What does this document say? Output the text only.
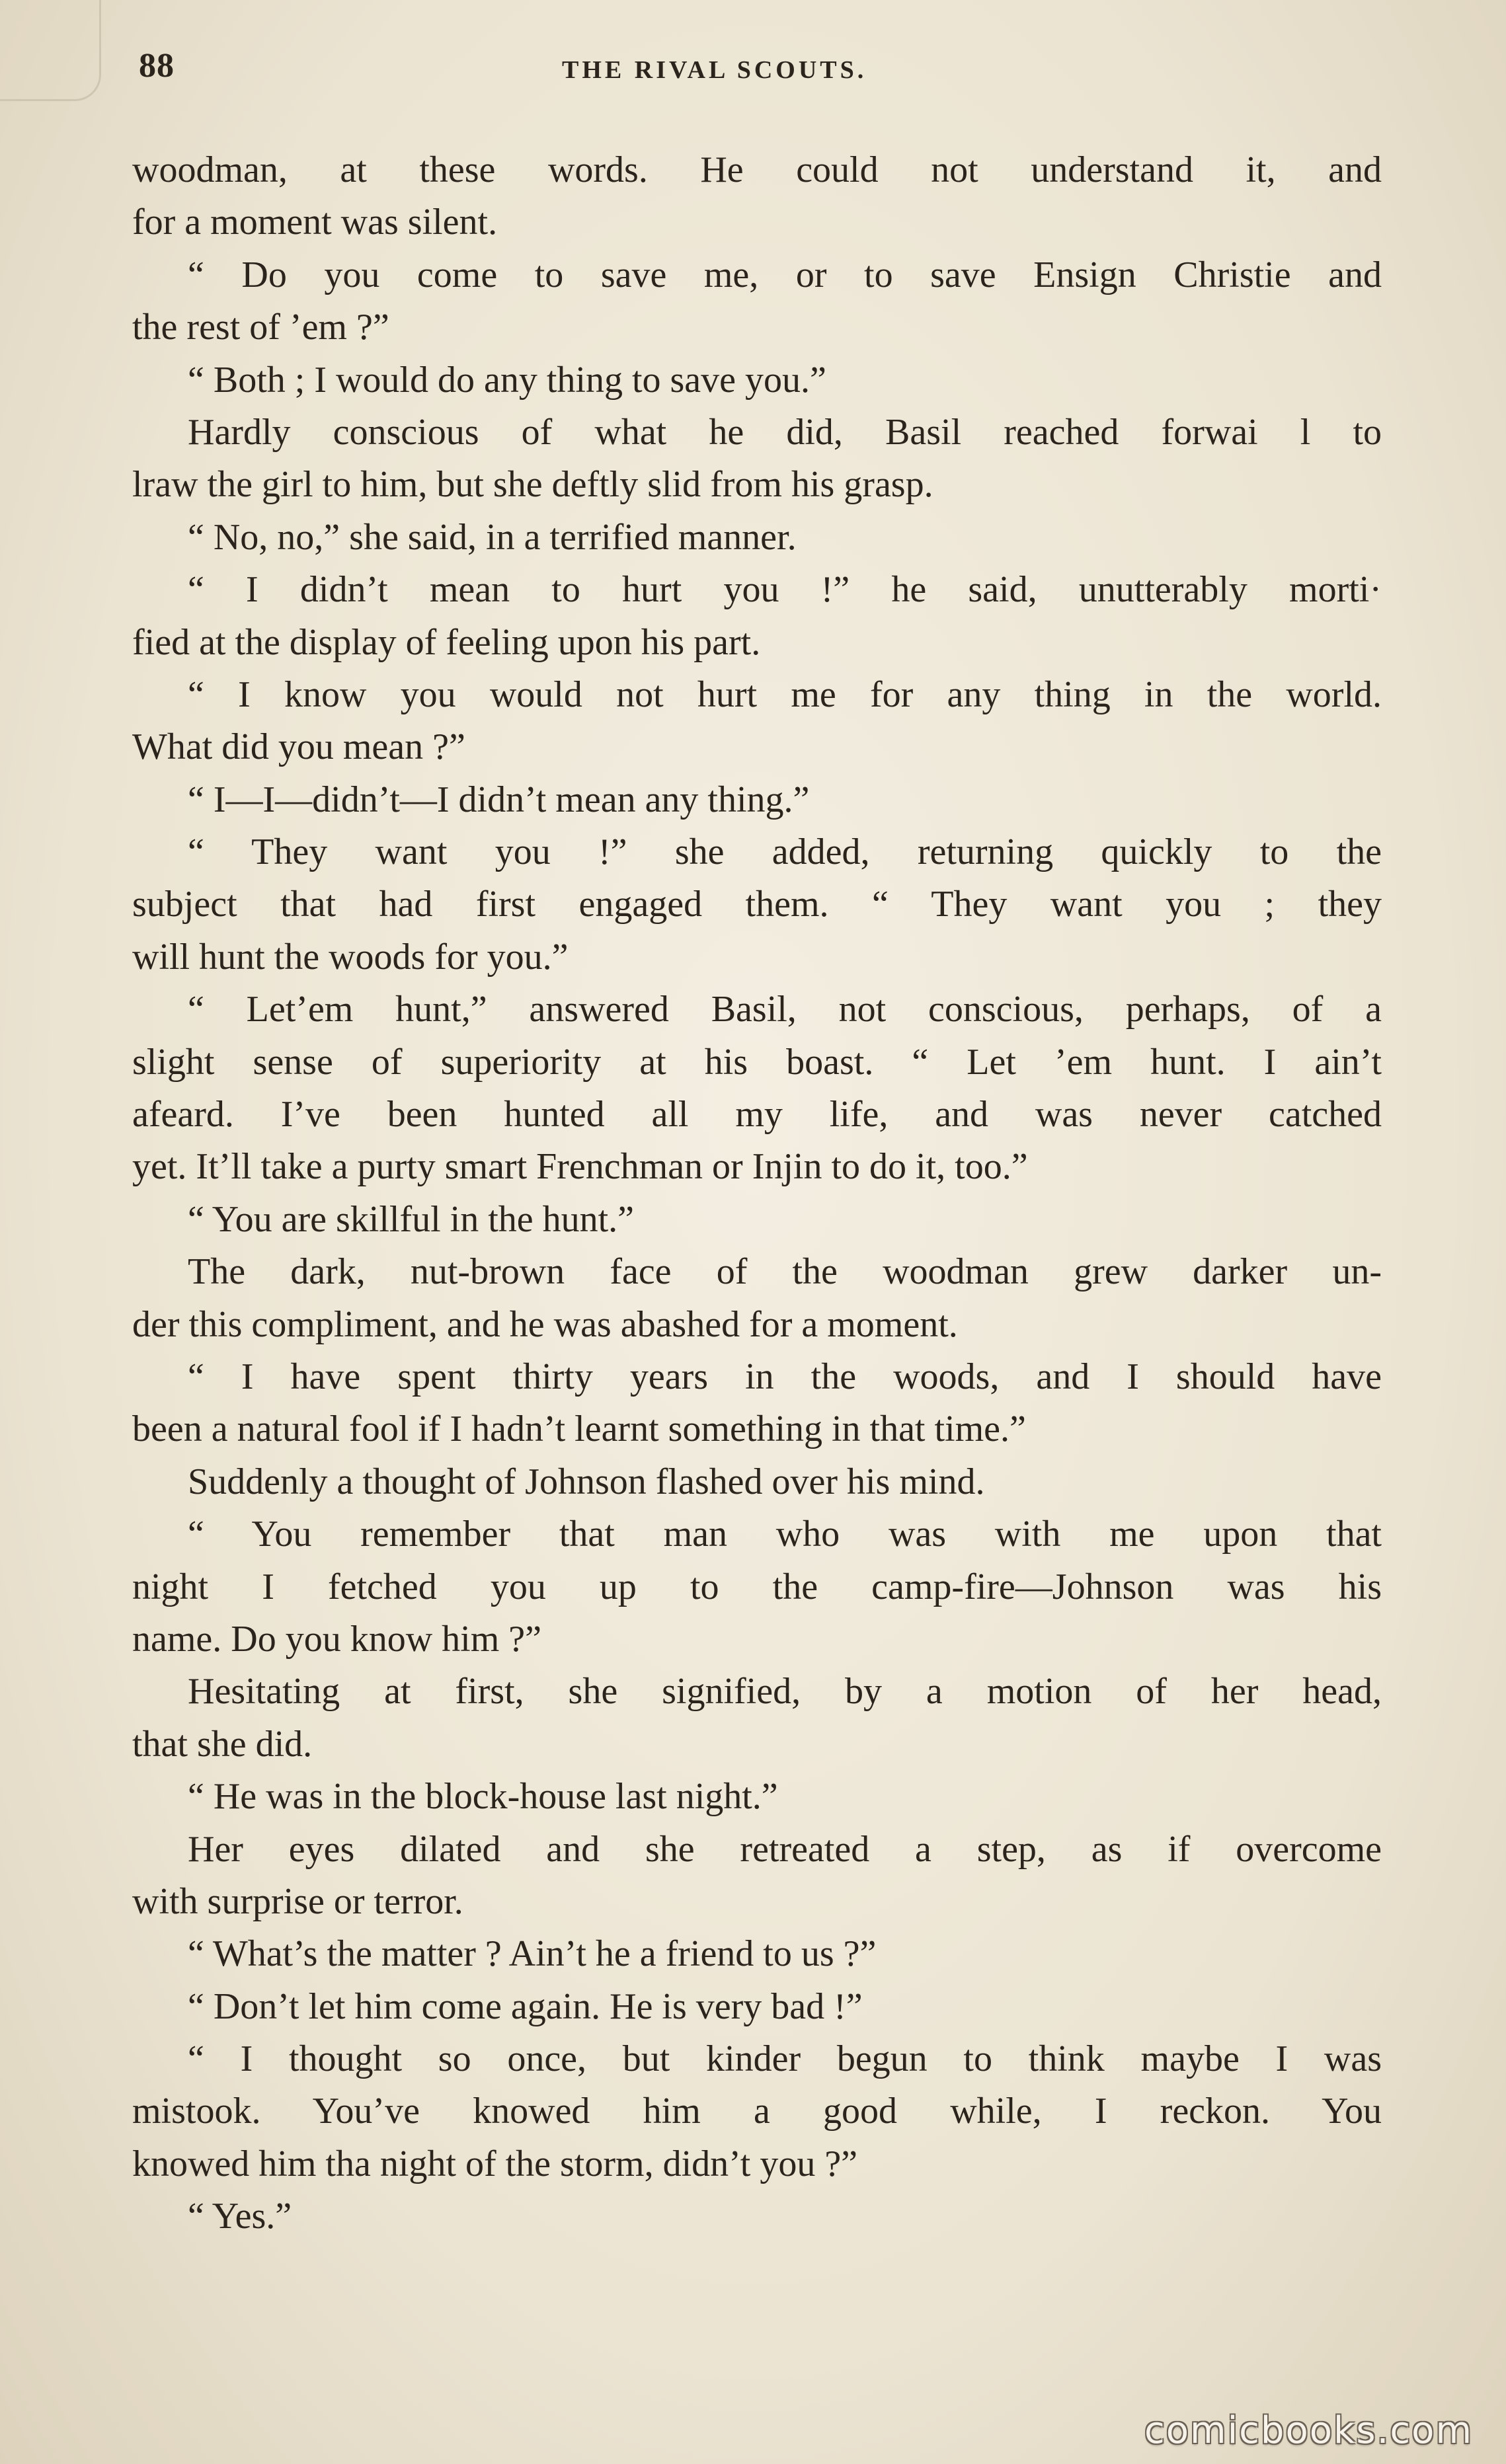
88	THE RIVAL SCOUTS.
woodman, at these words. He could not understand it, and
for a moment was silent.
“ Do you come to save me, or to save Ensign Christie and
the rest of ’em ?”
“ Both ; I would do any thing to save you.”
Hardly conscious of what he did, Basil reached forwai l to
lraw the girl to him, but she deftly slid from his grasp.
“ No, no,” she said, in a terrified manner.
“ I didn’t mean to hurt you !” he said, unutterably morti·
fied at the display of feeling upon his part.
“ I know you would not hurt me for any thing in the world.
What did you mean ?”
“ I—I—didn’t—I didn’t mean any thing.”
“ They want you !” she added, returning quickly to the
subject that had first engaged them. “ They want you ; they
will hunt the woods for you.”
“ Let’em hunt,” answered Basil, not conscious, perhaps, of a
slight sense of superiority at his boast. “ Let ’em hunt. I ain’t
afeard. I’ve been hunted all my life, and was never catched
yet. It’ll take a purty smart Frenchman or Injin to do it, too.”
“ You are skillful in the hunt.”
The dark, nut-brown face of the woodman grew darker un-
der this compliment, and he was abashed for a moment.
“ I have spent thirty years in the woods, and I should have
been a natural fool if I hadn’t learnt something in that time.”
Suddenly a thought of Johnson flashed over his mind.
“ You remember that man who was with me upon that
night I fetched you up to the camp-fire—Johnson was his
name. Do you know him ?”
Hesitating at first, she signified, by a motion of her head,
that she did.
“ He was in the block-house last night.”
Her eyes dilated and she retreated a step, as if overcome
with surprise or terror.
“ What’s the matter ? Ain’t he a friend to us ?”
“ Don’t let him come again. He is very bad !”
“ I thought so once, but kinder begun to think maybe I was
mistook. You’ve knowed him a good while, I reckon. You
knowed him tha night of the storm, didn’t you ?”
“ Yes.”
comicbooks.com
